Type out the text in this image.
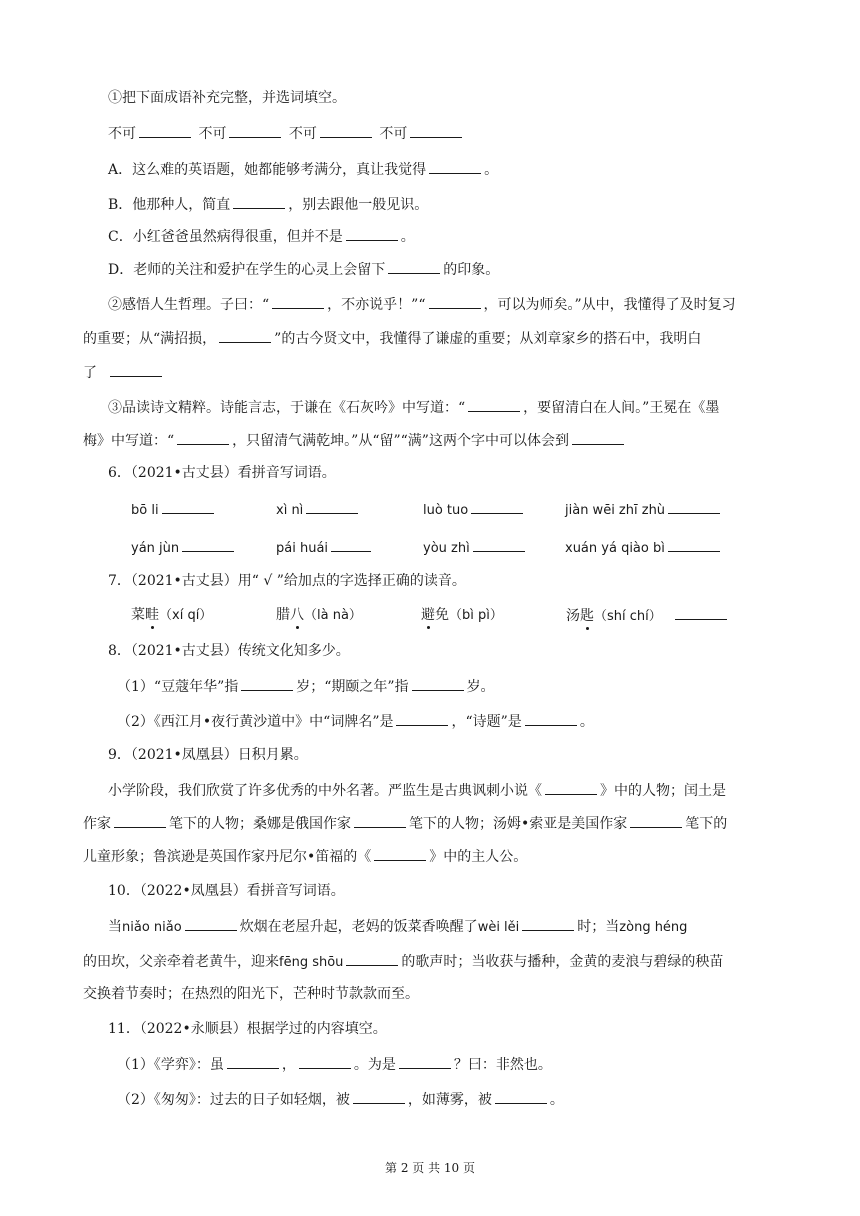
①把下面成语补充完整，并选词填空。
不可	不可	不可	不可
A．这么难的英语题，她都能够考满分，真让我觉得	。
B．他那种人，简直	，别去跟他一般见识。
C．小红爸爸虽然病得很重，但并不是	。
D．老师的关注和爱护在学生的心灵上会留下	的印象。
②感悟人生哲理。子曰：“	，不亦说乎！”“	，可以为师矣。”从中，我懂得了及时复习
的重要；从“满招损，	”的古今贤文中，我懂得了谦虚的重要；从刘章家乡的搭石中，我明白
了
③品读诗文精粹。诗能言志，于谦在《石灰吟》中写道：“	，要留清白在人间。”王冕在《墨
梅》中写道：“	，只留清气满乾坤。”从“留”“满”这两个字中可以体会到
6．（2021•古丈县）看拼音写词语。
bō li	xì nì	luò tuo	jiàn wēi zhī zhù
yán jùn	pái huái	yòu zhì	xuán yá qiào bì
7．（2021•古丈县）用“ √ ”给加点的字选择正确的读音。
菜畦（xí qí）	腊八（là nà）	避免（bì pì）	汤匙（shí chí）
8．（2021•古丈县）传统文化知多少。
（1）“豆蔻年华”指	岁；“期颐之年”指	岁。
（2）《西江月•夜行黄沙道中》中“词牌名”是	，“诗题”是	。
9．（2021•凤凰县）日积月累。
小学阶段，我们欣赏了许多优秀的中外名著。严监生是古典讽刺小说《	》中的人物；闰土是
作家	笔下的人物；桑娜是俄国作家	笔下的人物；汤姆•索亚是美国作家	笔下的
儿童形象；鲁滨逊是英国作家丹尼尔•笛福的《	》中的主人公。
10．（2022•凤凰县）看拼音写词语。
当niǎo niǎo	炊烟在老屋升起，老妈的饭菜香唤醒了wèi lěi	时；当zòng héng
的田坎，父亲牵着老黄牛，迎来fēng shōu	的歌声时；当收获与播种，金黄的麦浪与碧绿的秧苗
交换着节奏时；在热烈的阳光下，芒种时节款款而至。
11．（2022•永顺县）根据学过的内容填空。
（1）《学弈》：虽	，	。为是	？曰：非然也。
（2）《匆匆》：过去的日子如轻烟，被	，如薄雾，被	。
第 2 页 共 10 页
